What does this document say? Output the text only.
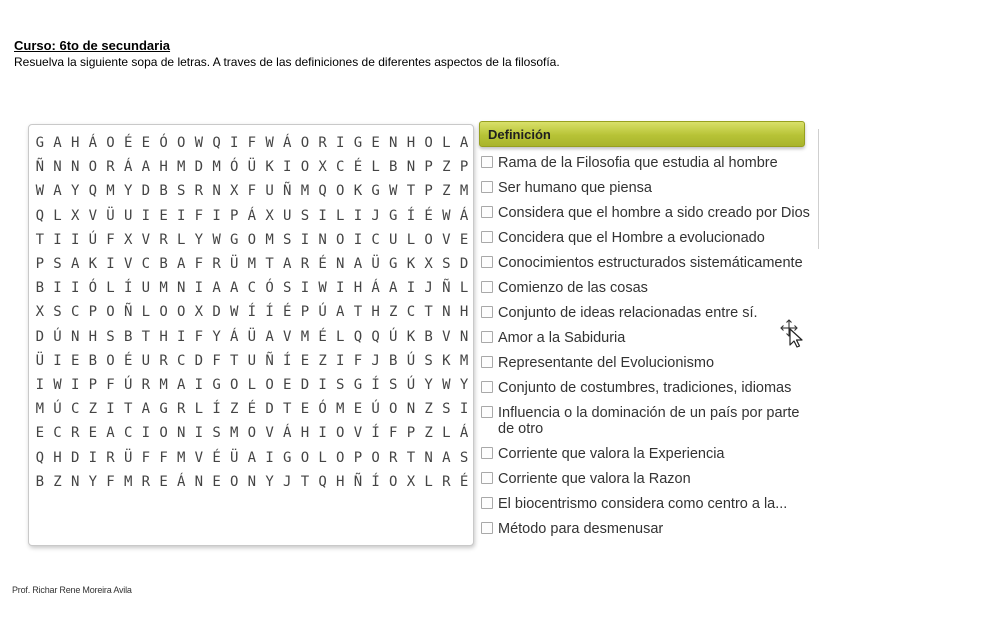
Curso: 6to de secundaria

Resuelva la siguiente sopa de letras. A traves de las definiciones de diferentes aspectos de la filosofía.

G	A	H	Á	O	É	E	Ó	O	W	Q	I	F	W	Á	O	R	I	G	E	N	H	O	L	A
Ñ	N	N	O	R	Á	A	H	M	D	M	Ó	Ü	K	I	O	X	C	É	L	B	N	P	Z	P
W	A	Y	Q	M	Y	D	B	S	R	N	X	F	U	Ñ	M	Q	O	K	G	W	T	P	Z	M
Q	L	X	V	Ü	U	I	E	I	F	I	P	Á	X	U	S	I	L	I	J	G	Í	É	W	Á
T	I	I	Ú	F	X	V	R	L	Y	W	G	O	M	S	I	N	O	I	C	U	L	O	V	E
P	S	A	K	I	V	C	B	A	F	R	Ü	M	T	A	R	É	N	A	Ü	G	K	X	S	D
B	I	I	Ó	L	Í	U	M	N	I	A	A	C	Ó	S	I	W	I	H	Á	A	I	J	Ñ	L
X	S	C	P	O	Ñ	L	O	O	X	D	W	Í	Í	É	P	Ú	A	T	H	Z	C	T	N	H
D	Ú	N	H	S	B	T	H	I	F	Y	Á	Ü	A	V	M	É	L	Q	Q	Ú	K	B	V	N
Ü	I	E	B	O	É	U	R	C	D	F	T	U	Ñ	Í	E	Z	I	F	J	B	Ú	S	K	M
I	W	I	P	F	Ú	R	M	A	I	G	O	L	O	E	D	I	S	G	Í	S	Ú	Y	W	Y
M	Ú	C	Z	I	T	A	G	R	L	Í	Z	É	D	T	E	Ó	M	E	Ú	O	N	Z	S	I
E	C	R	E	A	C	I	O	N	I	S	M	O	V	Á	H	I	O	V	Í	F	P	Z	L	Á
Q	H	D	I	R	Ü	F	F	M	V	É	Ü	A	I	G	O	L	O	P	O	R	T	N	A	S
B	Z	N	Y	F	M	R	E	Á	N	E	O	N	Y	J	T	Q	H	Ñ	Í	O	X	L	R	É
Definición
Rama de la Filosofia que estudia al hombre
Ser humano que piensa
Considera que el hombre a sido creado por Dios
Concidera que el Hombre a evolucionado
Conocimientos estructurados sistemáticamente
Comienzo de las cosas
Conjunto de ideas relacionadas entre sí.
Amor a la Sabiduria
Representante del Evolucionismo
Conjunto de costumbres, tradiciones, idiomas
Influencia o la dominación de un país por parte de otro
Corriente que valora la Experiencia
Corriente que valora la Razon
El biocentrismo considera como centro a la...
Método para desmenusar
Prof. Richar Rene Moreira Avila
